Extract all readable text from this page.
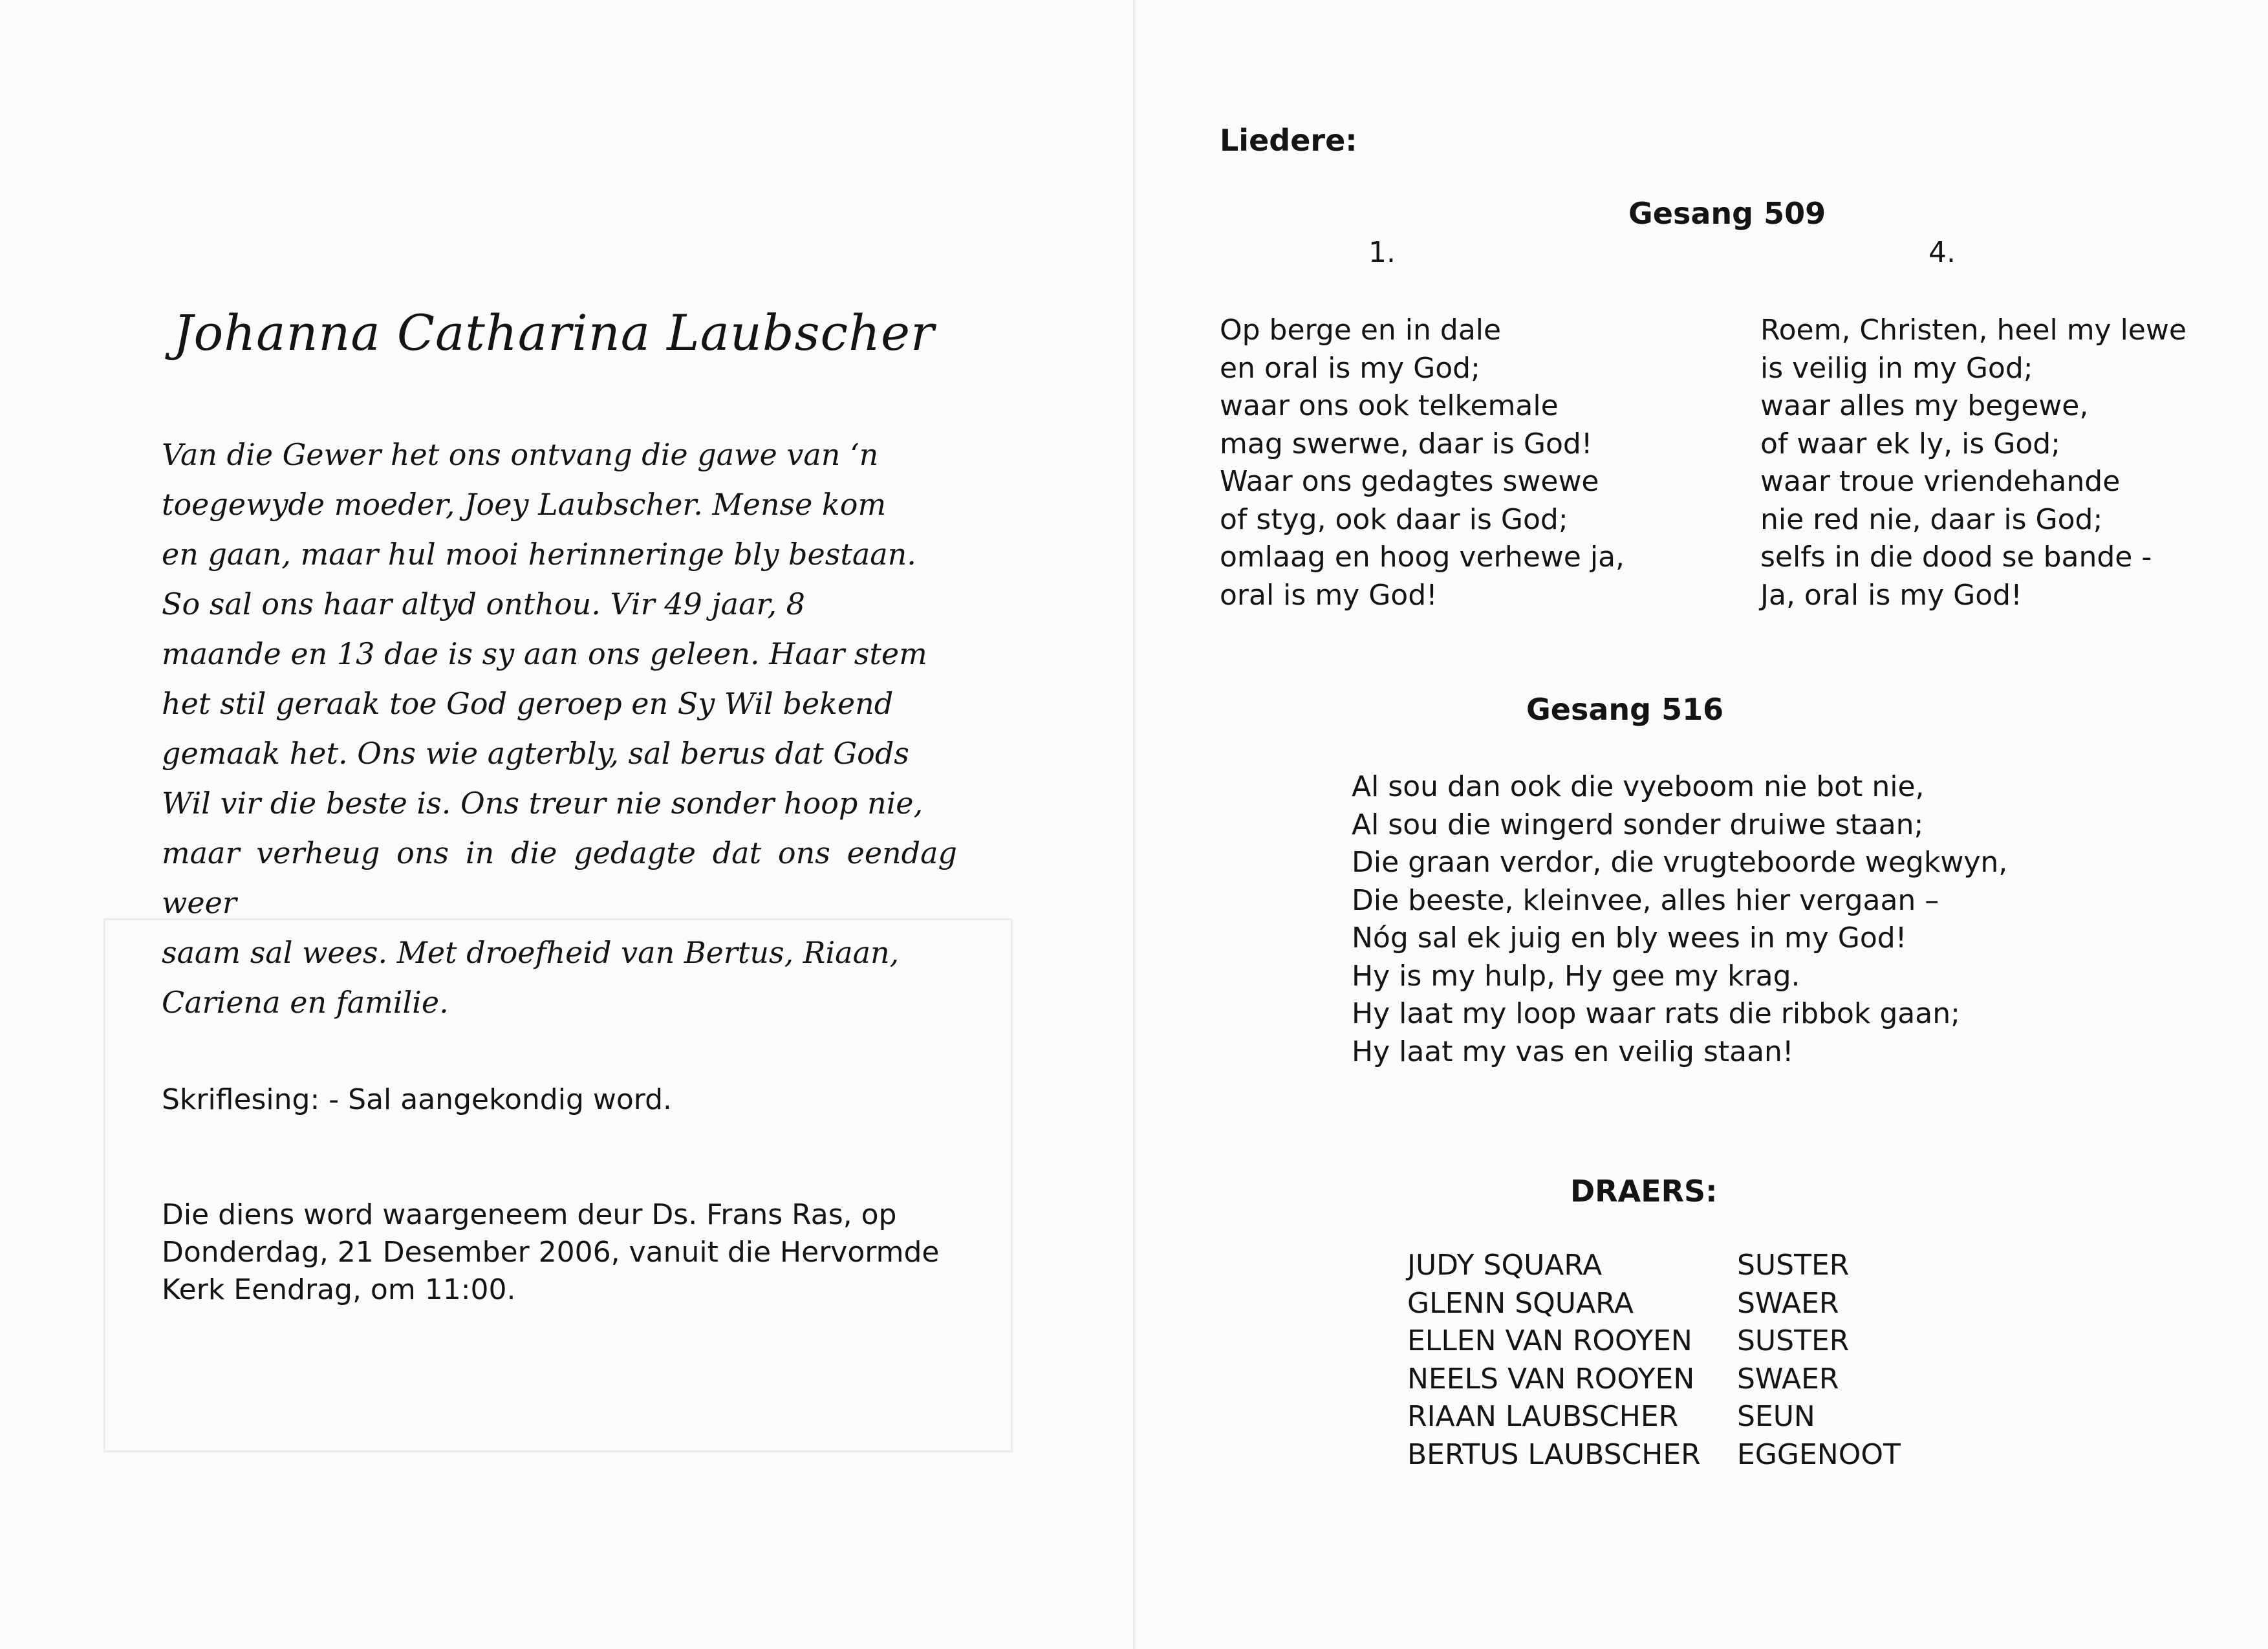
Johanna Catharina Laubscher
Van die Gewer het ons ontvang die gawe van ‘n
toegewyde moeder, Joey Laubscher. Mense kom
en gaan, maar hul mooi herinneringe bly bestaan.
So sal ons haar altyd onthou. Vir 49 jaar, 8
maande en 13 dae is sy aan ons geleen. Haar stem
het stil geraak toe God geroep en Sy Wil bekend
gemaak het. Ons wie agterbly, sal berus dat Gods
Wil vir die beste is. Ons treur nie sonder hoop nie,
maar verheug ons in die gedagte dat ons eendag weer
saam sal wees. Met droefheid van Bertus, Riaan,
Cariena en familie.
Skriflesing: - Sal aangekondig word.
Die diens word waargeneem deur Ds. Frans Ras, op
Donderdag, 21 Desember 2006, vanuit die Hervormde
Kerk Eendrag, om 11:00.
Liedere:
Gesang 509
1.	4.
Op berge en in dale
en oral is my God;
waar ons ook telkemale
mag swerwe, daar is God!
Waar ons gedagtes swewe
of styg, ook daar is God;
omlaag en hoog verhewe ja,
oral is my God!
Roem, Christen, heel my lewe
is veilig in my God;
waar alles my begewe,
of waar ek ly, is God;
waar troue vriendehande
nie red nie, daar is God;
selfs in die dood se bande -
Ja, oral is my God!
Gesang 516
Al sou dan ook die vyeboom nie bot nie,
Al sou die wingerd sonder druiwe staan;
Die graan verdor, die vrugteboorde wegkwyn,
Die beeste, kleinvee, alles hier vergaan –
Nóg sal ek juig en bly wees in my God!
Hy is my hulp, Hy gee my krag.
Hy laat my loop waar rats die ribbok gaan;
Hy laat my vas en veilig staan!
DRAERS:
JUDY SQUARA
GLENN SQUARA
ELLEN VAN ROOYEN
NEELS VAN ROOYEN
RIAAN LAUBSCHER
BERTUS LAUBSCHER
SUSTER
SWAER
SUSTER
SWAER
SEUN
EGGENOOT
